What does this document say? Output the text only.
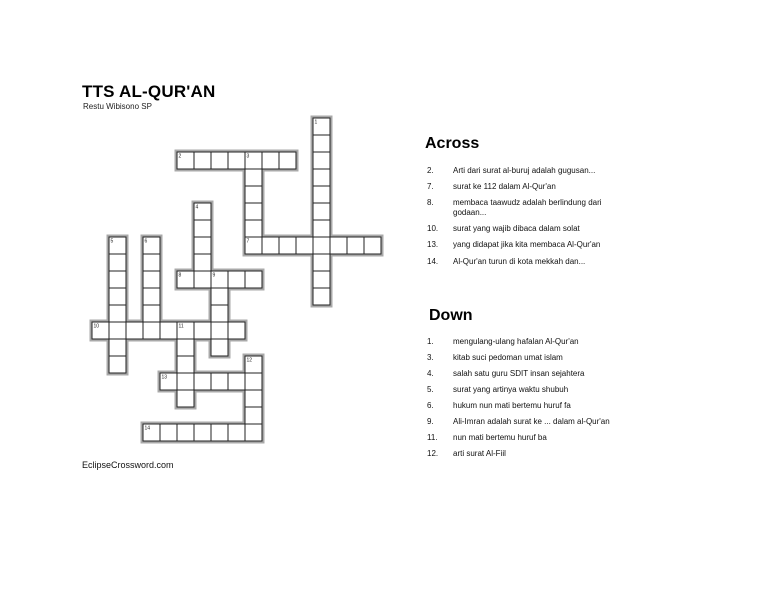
TTS AL-QUR'AN
Restu Wibisono SP
1
2	3
4
5	6	7
8	9
10	11
12
13
14
EclipseCrossword.com
Across
2. Arti dari surat al-buruj adalah gugusan...
7. surat ke 112 dalam Al-Qur'an
8. membaca taawudz adalah berlindung dari godaan...
10. surat yang wajib dibaca dalam solat
13. yang didapat jika kita membaca Al-Qur'an
14. Al-Qur'an turun di kota mekkah dan...
Down
1. mengulang-ulang hafalan Al-Qur'an
3. kitab suci pedoman umat islam
4. salah satu guru SDIT insan sejahtera
5. surat yang artinya waktu shubuh
6. hukum nun mati bertemu huruf fa
9. Ali-Imran adalah surat ke ... dalam al-Qur'an
11. nun mati bertemu huruf ba
12. arti surat Al-Fiil
